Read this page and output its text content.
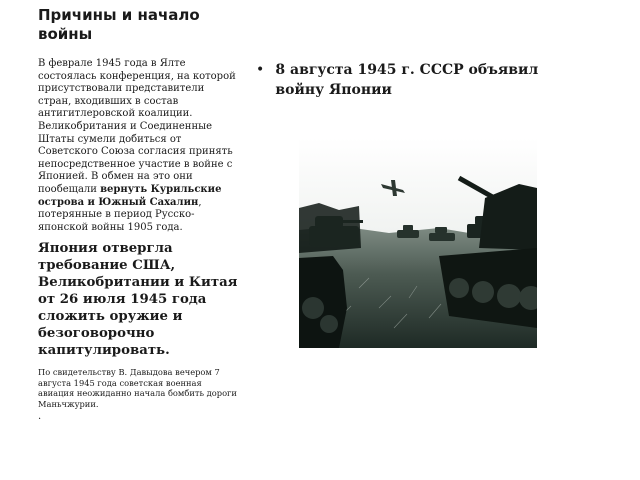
Причины и начало войны

В феврале 1945 года в Ялте состоялась конференция, на которой присутствовали представители стран, входивших в состав антигитлеровской коалиции. Великобритания и Соединенные Штаты сумели добиться от Советского Союза согласия принять непосредственное участие в войне с Японией. В обмен на это они пообещали вернуть Курильские острова и Южный Сахалин, потерянные в период Русско-японской войны 1905 года.

Япония отвергла требование США, Великобритании и Китая от 26 июля 1945 года сложить оружие и безоговорочно капитулировать.

По свидетельству В. Давыдова вечером 7 августа 1945 года советская военная авиация неожиданно начала бомбить дороги Маньчжурии.

.

• 8 августа 1945 г. СССР объявил войну Японии
